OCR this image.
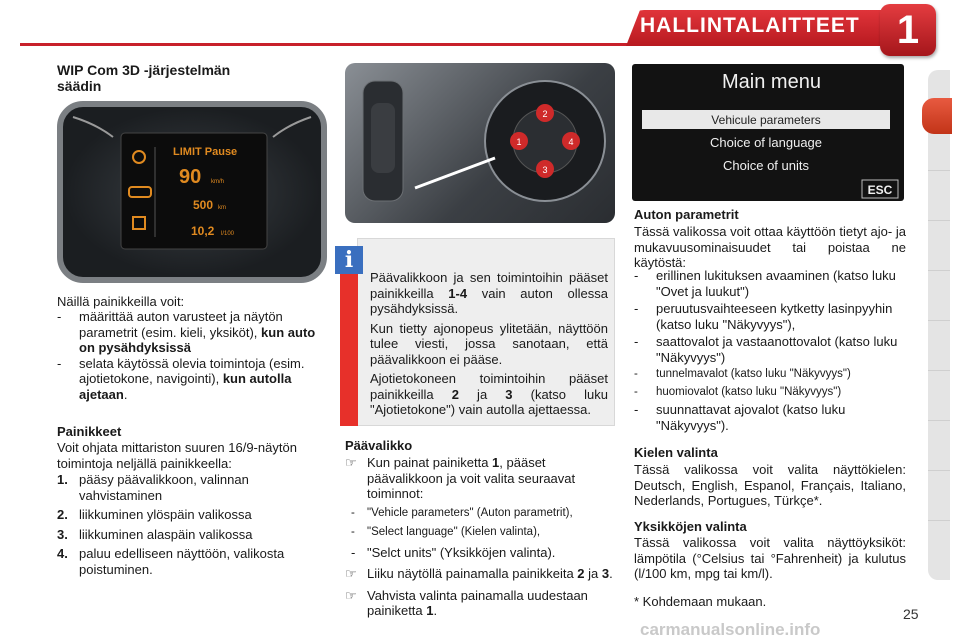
HALLINTALAITTEET 1
WIP Com 3D -järjestelmän
säädin
LIMIT Pause
90 km/h
500 km
10,2 l/100
Näillä painikkeilla voit:
-	määrittää auton varusteet ja näytön parametrit (esim. kieli, yksiköt), kun auto on pysähdyksissä
-	selata käytössä olevia toimintoja (esim. ajotietokone, navigointi), kun autolla ajetaan.
Painikkeet
Voit ohjata mittariston suuren 16/9-näytön toimintoja neljällä painikkeella:
1. pääsy päävalikkoon, valinnan vahvistaminen
2. liikkuminen ylöspäin valikossa
3. liikkuminen alaspäin valikossa
4. paluu edelliseen näyttöön, valikosta poistuminen.
2
3
1	4
i

Päävalikkoon ja sen toimintoihin pääset painikkeilla 1-4 vain auton ollessa pysähdyksissä.

Kun tietty ajonopeus ylitetään, näyttöön tulee viesti, jossa sanotaan, että päävalikkoon ei pääse.

Ajotietokoneen toimintoihin pääset painikkeilla 2 ja 3 (katso luku "Ajotietokone") vain autolla ajettaessa.

Päävalikko
☞ Kun painat painiketta 1, pääset päävalikkoon ja voit valita seuraavat toiminnot:
-	"Vehicle parameters" (Auton parametrit),
-	"Select language" (Kielen valinta),
- "Selct units" (Yksikköjen valinta).
☞ Liiku näytöllä painamalla painikkeita 2 ja 3.
☞ Vahvista valinta painamalla uudestaan painiketta 1.
Main menu
Vehicule parameters
Choice of language
Choice of units
ESC
Auton parametrit
Tässä valikossa voit ottaa käyttöön tietyt ajo- ja mukavuusominaisuudet tai poistaa ne käytöstä:
-	erillinen lukituksen avaaminen (katso luku "Ovet ja luukut")
-	peruutusvaihteeseen kytketty lasinpyyhin (katso luku "Näkyvyys"),
-	saattovalot ja vastaanottovalot (katso luku "Näkyvyys")
-	tunnelmavalot (katso luku "Näkyvyys")
-	huomiovalot (katso luku "Näkyvyys")
-	suunnattavat ajovalot (katso luku "Näkyvyys").
Kielen valinta
Tässä valikossa voit valita näyttökielen: Deutsch, English, Espanol, Français, Italiano, Nederlands, Portugues, Türkçe*.
Yksikköjen valinta
Tässä valikossa voit valita näyttöyksiköt: lämpötila (°Celsius tai °Fahrenheit) ja kulutus (l/100 km, mpg tai km/l).
* Kohdemaan mukaan.
25
carmanualsonline.info
